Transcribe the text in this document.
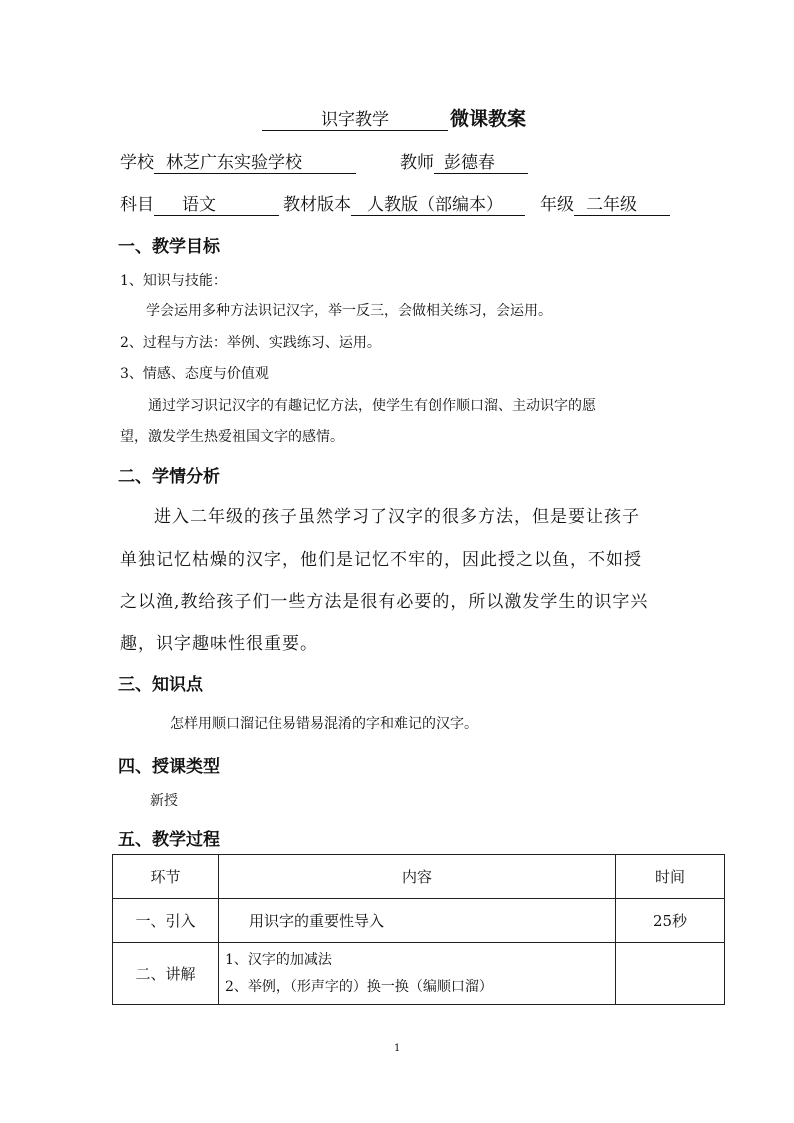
识字教学	微课教案
学校 林芝广东实验学校	教师 彭德春
科目 语文	教材版本 人教版（部编本）	年级 二年级
一、教学目标
1、知识与技能：
学会运用多种方法识记汉字，举一反三，会做相关练习，会运用。
2、过程与方法：举例、实践练习、运用。
3、情感、态度与价值观
通过学习识记汉字的有趣记忆方法，使学生有创作顺口溜、主动识字的愿
望，激发学生热爱祖国文字的感情。
二、学情分析
进入二年级的孩子虽然学习了汉字的很多方法，但是要让孩子
单独记忆枯燥的汉字，他们是记忆不牢的，因此授之以鱼，不如授
之以渔,教给孩子们一些方法是很有必要的，所以激发学生的识字兴
趣，识字趣味性很重要。
三、知识点
怎样用顺口溜记住易错易混淆的字和难记的汉字。
四、授课类型
新授
五、教学过程
环节	内容	时间
一、引入	用识字的重要性导入	25秒
二、讲解	1、汉字的加减法
2、举例，（形声字的）换一换（编顺口溜）	

1
